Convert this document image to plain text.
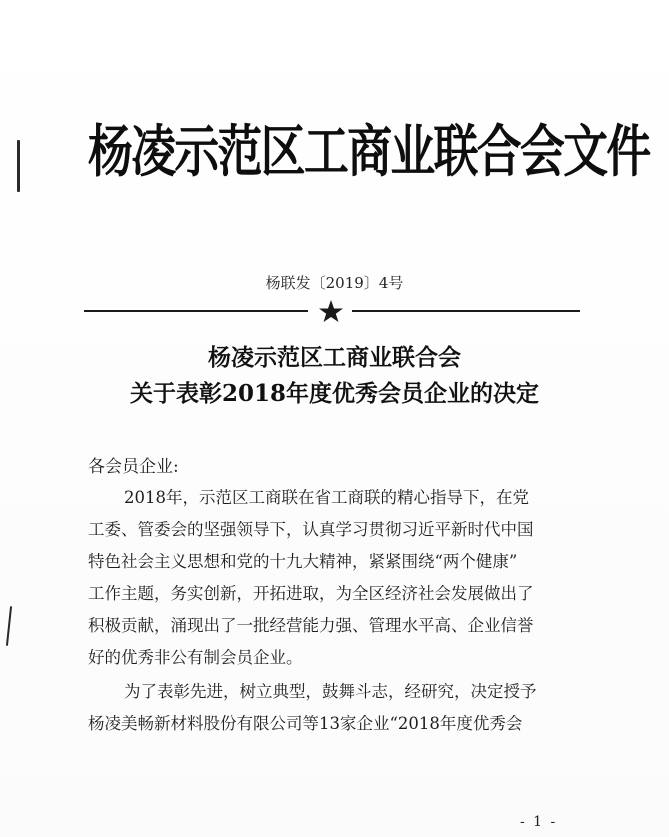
杨凌示范区工商业联合会文件
杨联发〔2019〕4号
杨凌示范区工商业联合会
关于表彰2018年度优秀会员企业的决定
各会员企业:
2018年，示范区工商联在省工商联的精心指导下，在党
工委、管委会的坚强领导下，认真学习贯彻习近平新时代中国
特色社会主义思想和党的十九大精神，紧紧围绕“两个健康”
工作主题，务实创新，开拓进取，为全区经济社会发展做出了
积极贡献，涌现出了一批经营能力强、管理水平高、企业信誉
好的优秀非公有制会员企业。
为了表彰先进，树立典型，鼓舞斗志，经研究，决定授予
杨凌美畅新材料股份有限公司等13家企业“2018年度优秀会
- 1 -
